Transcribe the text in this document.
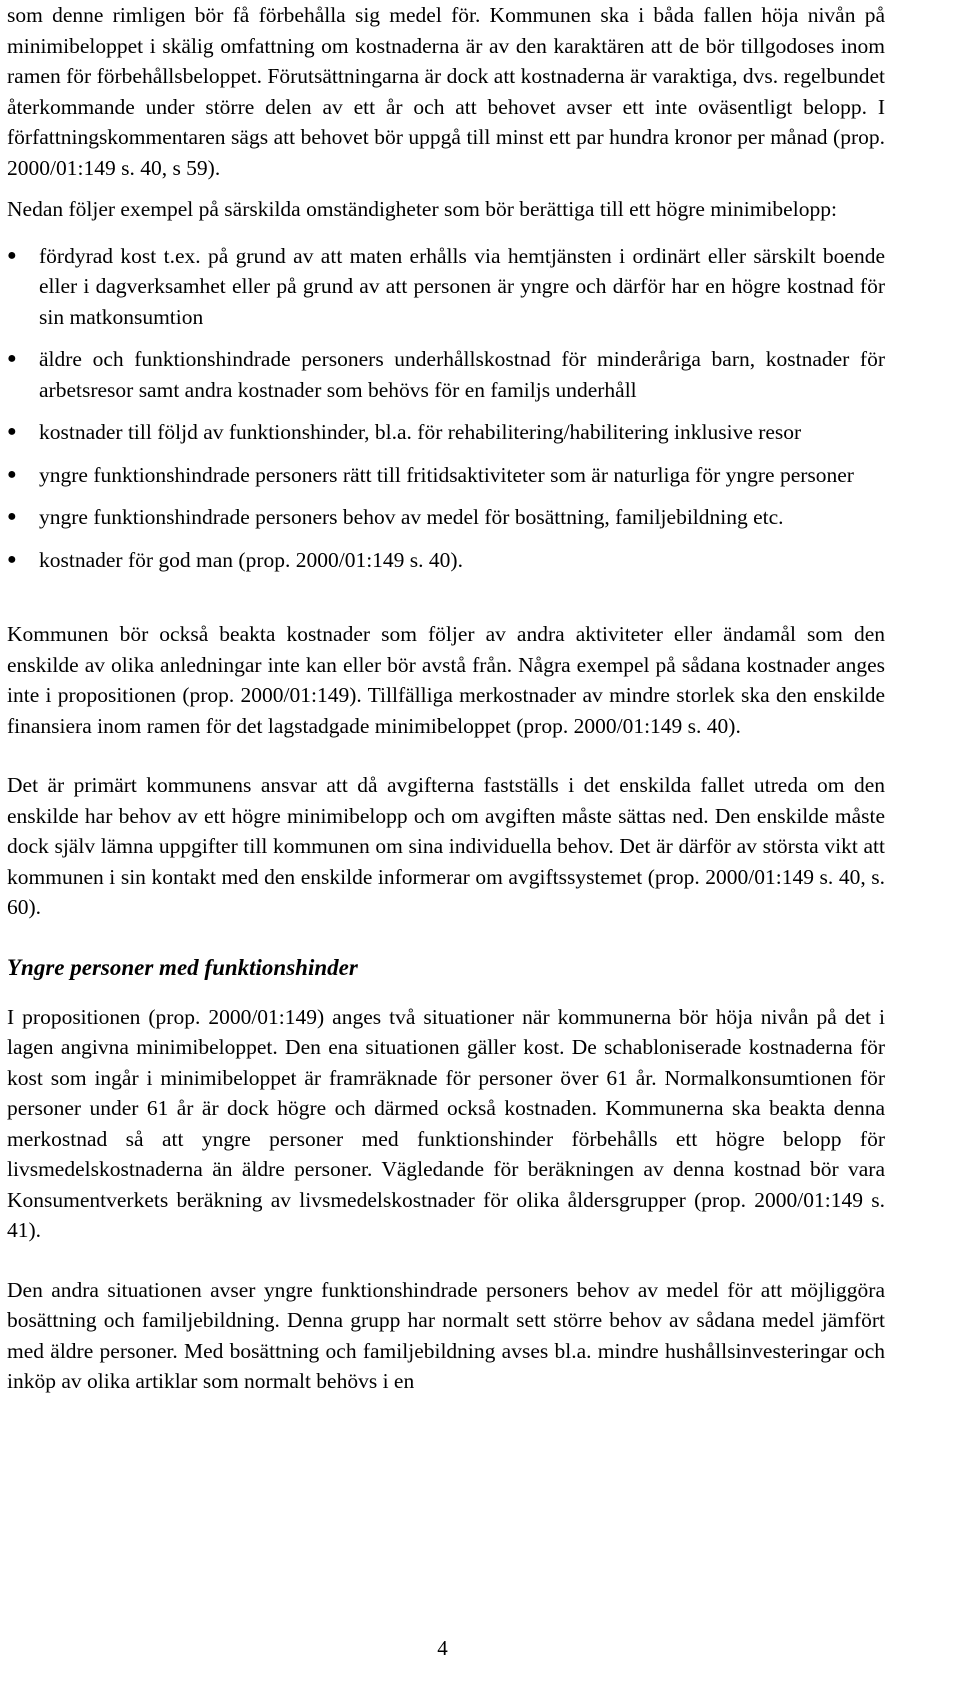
som denne rimligen bör få förbehålla sig medel för. Kommunen ska i båda fallen höja nivån på minimibeloppet i skälig omfattning om kostnaderna är av den karaktären att de bör tillgodoses inom ramen för förbehållsbeloppet. Förutsättningarna är dock att kostnaderna är varaktiga, dvs. regelbundet återkommande under större delen av ett år och att behovet avser ett inte oväsentligt belopp. I författningskommentaren sägs att behovet bör uppgå till minst ett par hundra kronor per månad (prop. 2000/01:149 s. 40, s 59).

Nedan följer exempel på särskilda omständigheter som bör berättiga till ett högre minimibelopp:

●	fördyrad kost t.ex. på grund av att maten erhålls via hemtjänsten i ordinärt eller särskilt boende eller i dagverksamhet eller på grund av att personen är yngre och därför har en högre kostnad för sin matkonsumtion
●	äldre och funktionshindrade personers underhållskostnad för minderåriga barn, kostnader för arbetsresor samt andra kostnader som behövs för en familjs underhåll
●	kostnader till följd av funktionshinder, bl.a. för rehabilitering/habilitering inklusive resor
●	yngre funktionshindrade personers rätt till fritidsaktiviteter som är naturliga för yngre personer
●	yngre funktionshindrade personers behov av medel för bosättning, familjebildning etc.
●	kostnader för god man (prop. 2000/01:149 s. 40).

Kommunen bör också beakta kostnader som följer av andra aktiviteter eller ändamål som den enskilde av olika anledningar inte kan eller bör avstå från. Några exempel på sådana kostnader anges inte i propositionen (prop. 2000/01:149). Tillfälliga merkostnader av mindre storlek ska den enskilde finansiera inom ramen för det lagstadgade minimibeloppet (prop. 2000/01:149 s. 40).

Det är primärt kommunens ansvar att då avgifterna fastställs i det enskilda fallet utreda om den enskilde har behov av ett högre minimibelopp och om avgiften måste sättas ned. Den enskilde måste dock själv lämna uppgifter till kommunen om sina individuella behov. Det är därför av största vikt att kommunen i sin kontakt med den enskilde informerar om avgiftssystemet (prop. 2000/01:149 s. 40, s. 60).

Yngre personer med funktionshinder

I propositionen (prop. 2000/01:149) anges två situationer när kommunerna bör höja nivån på det i lagen angivna minimibeloppet. Den ena situationen gäller kost. De schabloniserade kostnaderna för kost som ingår i minimibeloppet är framräknade för personer över 61 år. Normalkonsumtionen för personer under 61 år är dock högre och därmed också kostnaden. Kommunerna ska beakta denna merkostnad så att yngre personer med funktionshinder förbehålls ett högre belopp för livsmedelskostnaderna än äldre personer. Vägledande för beräkningen av denna kostnad bör vara Konsumentverkets beräkning av livsmedelskostnader för olika åldersgrupper (prop. 2000/01:149 s. 41).

Den andra situationen avser yngre funktionshindrade personers behov av medel för att möjliggöra bosättning och familjebildning. Denna grupp har normalt sett större behov av sådana medel jämfört med äldre personer. Med bosättning och familjebildning avses bl.a. mindre hushållsinvesteringar och inköp av olika artiklar som normalt behövs i en

4
